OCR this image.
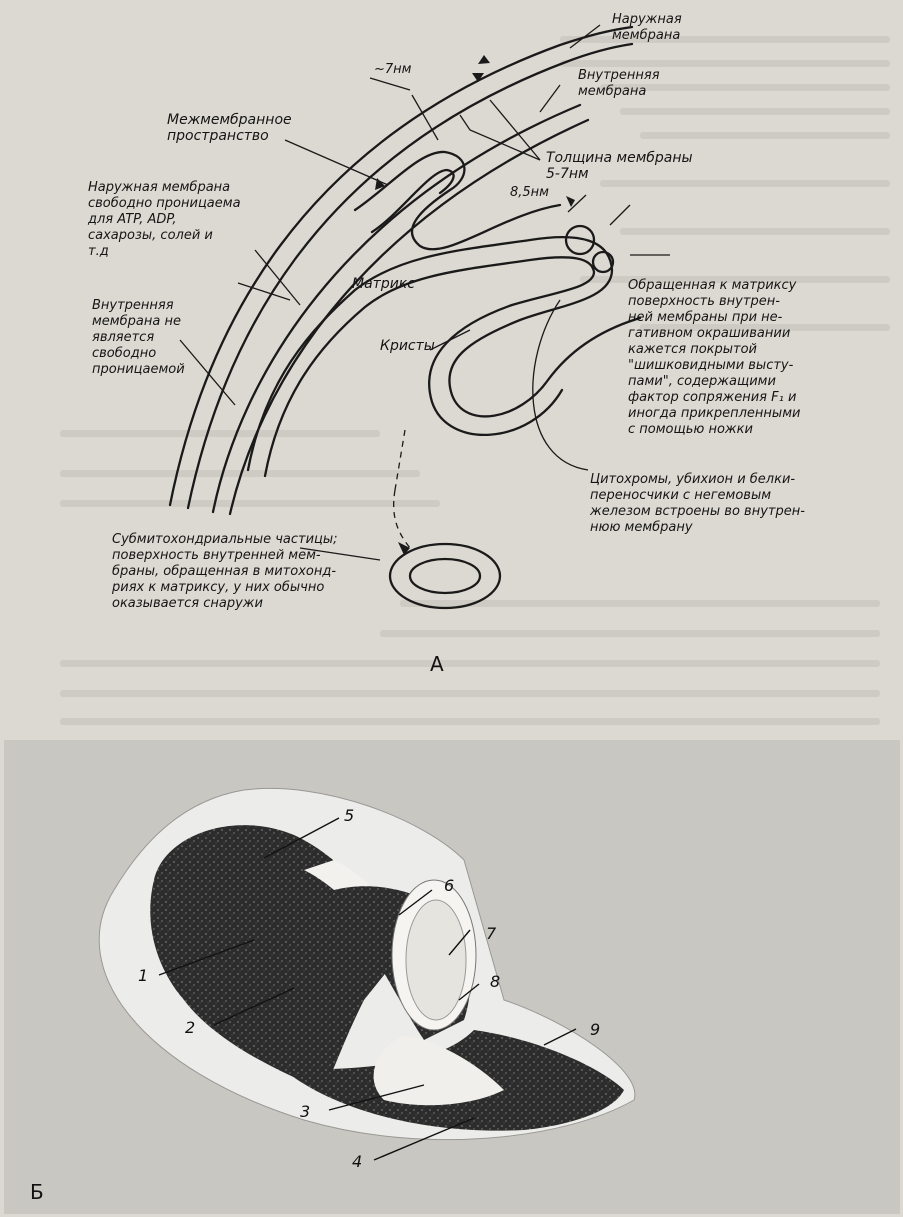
Наружная
мембрана
Внутренняя
мембрана
~7нм
Межмембранное
пространство
Толщина мембраны
5-7нм
8,5нм
Наружная мембрана
свободно проницаема
для ATP, ADP,
сахарозы, солей и
т.д
Матрикс
Внутренняя
мембрана не
является
свободно
проницаемой
Кристы
Обращенная к матриксу
поверхность внутрен-
ней мембраны при не-
гативном окрашивании
кажется покрытой
"шишковидными высту-
пами", содержащими
фактор сопряжения F₁ и
иногда прикрепленными
с помощью ножки
Цитохромы, убихион и белки-
переносчики с негемовым
железом встроены во внутрен-
нюю мембрану
Субмитохондриальные частицы;
поверхность внутренней мем-
браны, обращенная в митохонд-
риях к матриксу, у них обычно
оказывается снаружи
А
1
2
3
4
5
6
7
8
9
Б
